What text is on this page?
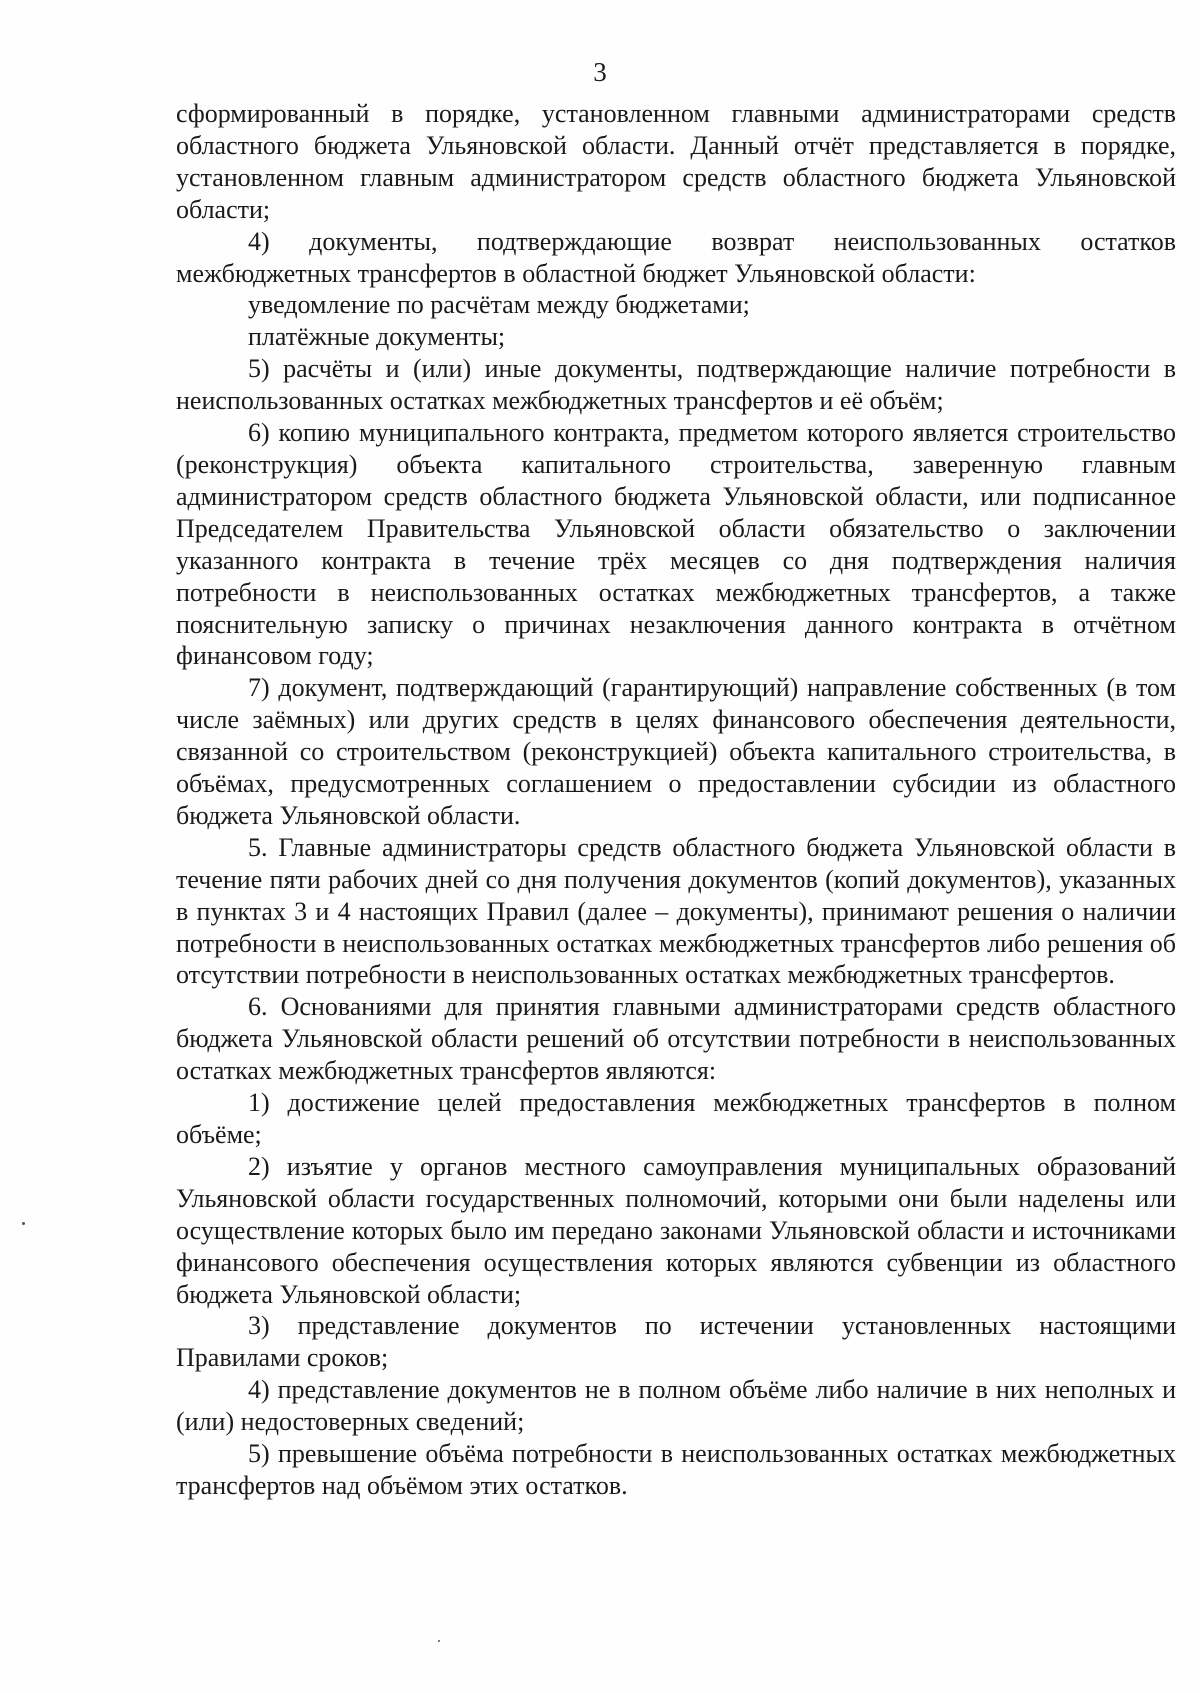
3

сформированный в порядке, установленном главными администраторами средств областного бюджета Ульяновской области. Данный отчёт представляется в порядке, установленном главным администратором средств областного бюджета Ульяновской области;

4) документы, подтверждающие возврат неиспользованных остатков межбюджетных трансфертов в областной бюджет Ульяновской области:

уведомление по расчётам между бюджетами;

платёжные документы;

5) расчёты и (или) иные документы, подтверждающие наличие потребности в неиспользованных остатках межбюджетных трансфертов и её объём;

6) копию муниципального контракта, предметом которого является строительство (реконструкция) объекта капитального строительства, заверенную главным администратором средств областного бюджета Ульяновской области, или подписанное Председателем Правительства Ульяновской области обязательство о заключении указанного контракта в течение трёх месяцев со дня подтверждения наличия потребности в неиспользованных остатках межбюджетных трансфертов, а также пояснительную записку о причинах незаключения данного контракта в отчётном финансовом году;

7) документ, подтверждающий (гарантирующий) направление собственных (в том числе заёмных) или других средств в целях финансового обеспечения деятельности, связанной со строительством (реконструкцией) объекта капитального строительства, в объёмах, предусмотренных соглашением о предоставлении субсидии из областного бюджета Ульяновской области.

5. Главные администраторы средств областного бюджета Ульяновской области в течение пяти рабочих дней со дня получения документов (копий документов), указанных в пунктах 3 и 4 настоящих Правил (далее – документы), принимают решения о наличии потребности в неиспользованных остатках межбюджетных трансфертов либо решения об отсутствии потребности в неиспользованных остатках межбюджетных трансфертов.

6. Основаниями для принятия главными администраторами средств областного бюджета Ульяновской области решений об отсутствии потребности в неиспользованных остатках межбюджетных трансфертов являются:

1) достижение целей предоставления межбюджетных трансфертов в полном объёме;

2) изъятие у органов местного самоуправления муниципальных образований Ульяновской области государственных полномочий, которыми они были наделены или осуществление которых было им передано законами Ульяновской области и источниками финансового обеспечения осуществления которых являются субвенции из областного бюджета Ульяновской области;

3) представление документов по истечении установленных настоящими Правилами сроков;

4) представление документов не в полном объёме либо наличие в них неполных и (или) недостоверных сведений;

5) превышение объёма потребности в неиспользованных остатках межбюджетных трансфертов над объёмом этих остатков.
